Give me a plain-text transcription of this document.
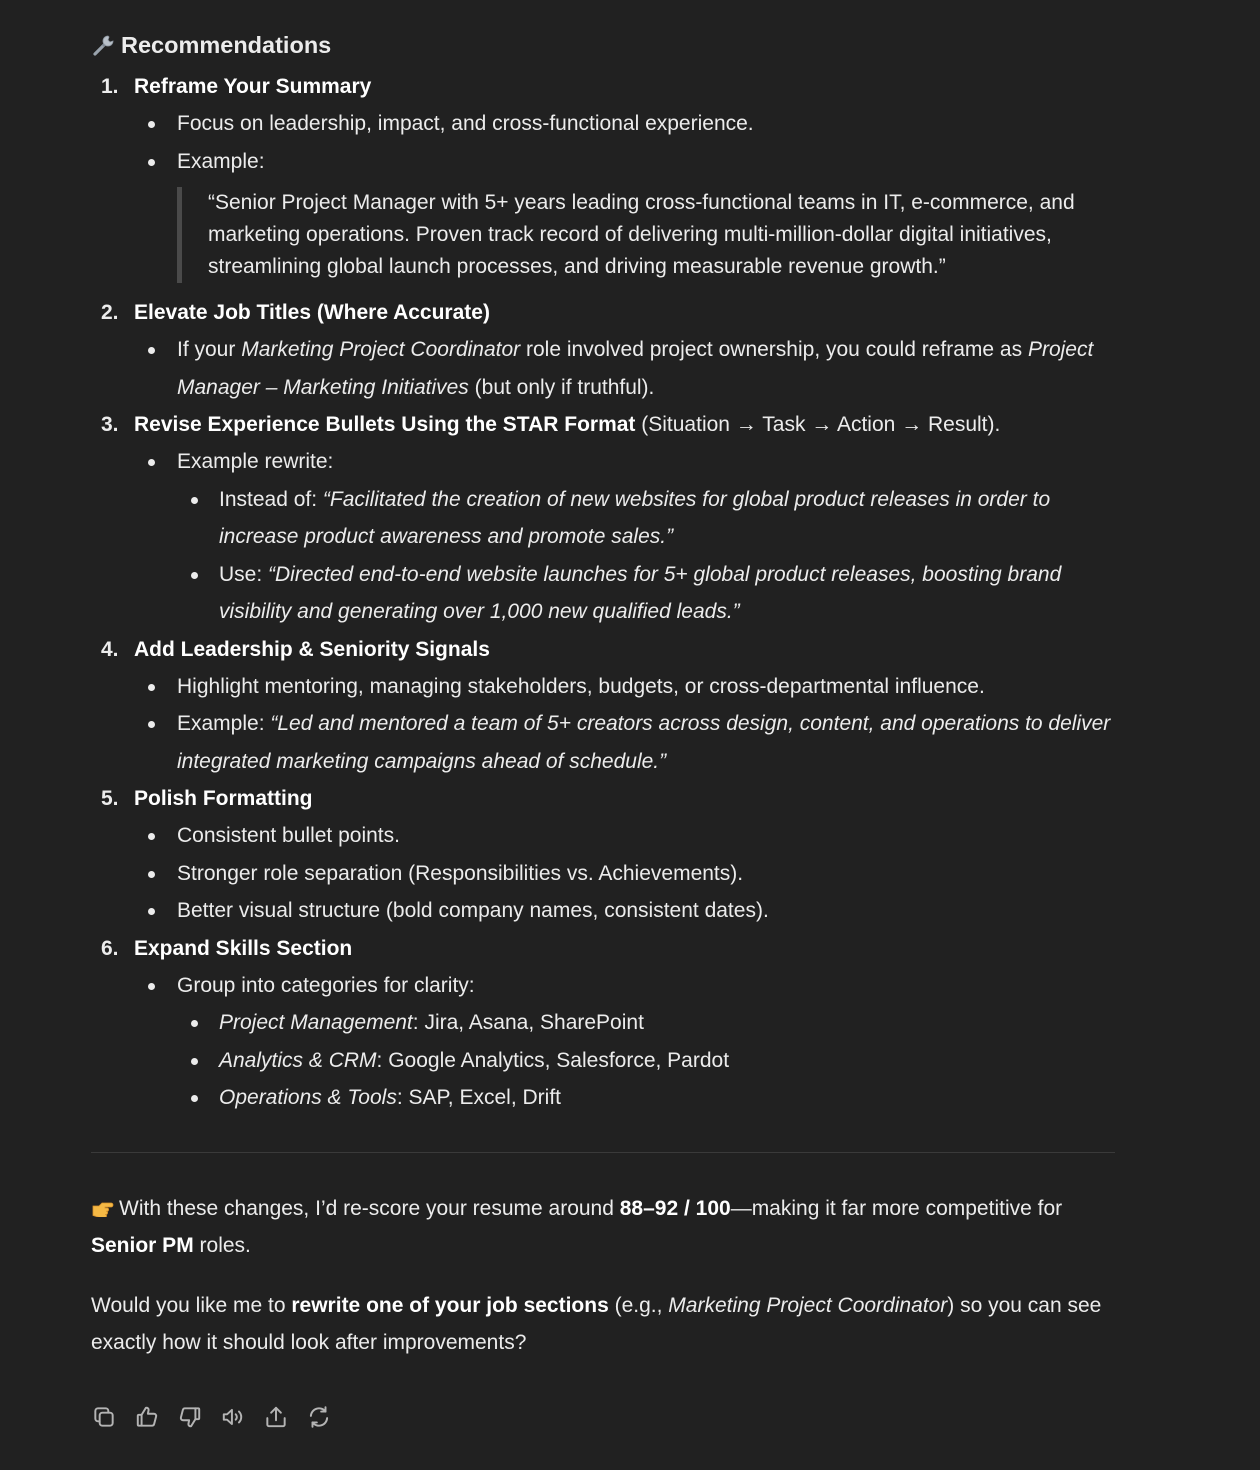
Recommendations
1. Reframe Your Summary
Focus on leadership, impact, and cross-functional experience.
Example:
“Senior Project Manager with 5+ years leading cross-functional teams in IT, e-commerce, and marketing operations. Proven track record of delivering multi-million-dollar digital initiatives, streamlining global launch processes, and driving measurable revenue growth.”
2. Elevate Job Titles (Where Accurate)
If your Marketing Project Coordinator role involved project ownership, you could reframe as Project Manager – Marketing Initiatives (but only if truthful).
3. Revise Experience Bullets Using the STAR Format (Situation → Task → Action → Result).
Example rewrite:
Instead of: “Facilitated the creation of new websites for global product releases in order to increase product awareness and promote sales.”
Use: “Directed end-to-end website launches for 5+ global product releases, boosting brand visibility and generating over 1,000 new qualified leads.”
4. Add Leadership & Seniority Signals
Highlight mentoring, managing stakeholders, budgets, or cross-departmental influence.
Example: “Led and mentored a team of 5+ creators across design, content, and operations to deliver integrated marketing campaigns ahead of schedule.”
5. Polish Formatting
Consistent bullet points.
Stronger role separation (Responsibilities vs. Achievements).
Better visual structure (bold company names, consistent dates).
6. Expand Skills Section
Group into categories for clarity:
Project Management: Jira, Asana, SharePoint
Analytics & CRM: Google Analytics, Salesforce, Pardot
Operations & Tools: SAP, Excel, Drift
With these changes, I’d re-score your resume around 88–92 / 100—making it far more competitive for Senior PM roles.
Would you like me to rewrite one of your job sections (e.g., Marketing Project Coordinator) so you can see exactly how it should look after improvements?
